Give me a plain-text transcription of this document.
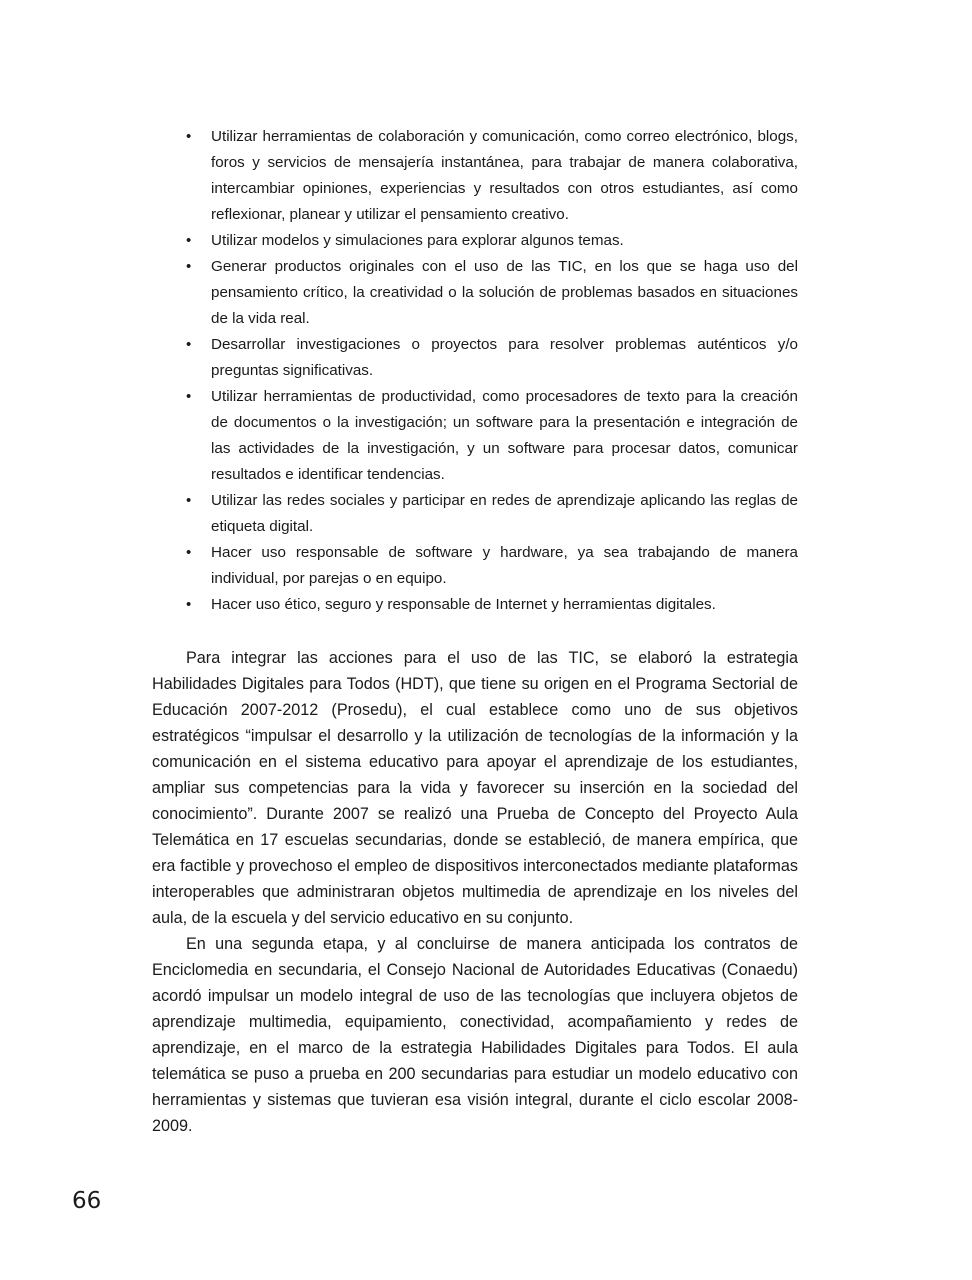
• Utilizar herramientas de colaboración y comunicación, como correo electrónico, blogs, foros y servicios de mensajería instantánea, para trabajar de manera colaborativa, intercambiar opiniones, experiencias y resultados con otros estudiantes, así como reflexionar, planear y utilizar el pensamiento creativo.
• Utilizar modelos y simulaciones para explorar algunos temas.
• Generar productos originales con el uso de las TIC, en los que se haga uso del pensamiento crítico, la creatividad o la solución de problemas basados en situaciones de la vida real.
• Desarrollar investigaciones o proyectos para resolver problemas auténticos y/o preguntas significativas.
• Utilizar herramientas de productividad, como procesadores de texto para la creación de documentos o la investigación; un software para la presentación e integración de las actividades de la investigación, y un software para procesar datos, comunicar resultados e identificar tendencias.
• Utilizar las redes sociales y participar en redes de aprendizaje aplicando las reglas de etiqueta digital.
• Hacer uso responsable de software y hardware, ya sea trabajando de manera individual, por parejas o en equipo.
• Hacer uso ético, seguro y responsable de Internet y herramientas digitales.

Para integrar las acciones para el uso de las TIC, se elaboró la estrategia Habilidades Digitales para Todos (HDT), que tiene su origen en el Programa Sectorial de Educación 2007-2012 (Prosedu), el cual establece como uno de sus objetivos estratégicos “impulsar el desarrollo y la utilización de tecnologías de la información y la comunicación en el sistema educativo para apoyar el aprendizaje de los estudiantes, ampliar sus competencias para la vida y favorecer su inserción en la sociedad del conocimiento”. Durante 2007 se realizó una Prueba de Concepto del Proyecto Aula Telemática en 17 escuelas secundarias, donde se estableció, de manera empírica, que era factible y provechoso el empleo de dispositivos interconectados mediante plataformas interoperables que administraran objetos multimedia de aprendizaje en los niveles del aula, de la escuela y del servicio educativo en su conjunto.

En una segunda etapa, y al concluirse de manera anticipada los contratos de Enciclomedia en secundaria, el Consejo Nacional de Autoridades Educativas (Conaedu) acordó impulsar un modelo integral de uso de las tecnologías que incluyera objetos de aprendizaje multimedia, equipamiento, conectividad, acompañamiento y redes de aprendizaje, en el marco de la estrategia Habilidades Digitales para Todos. El aula telemática se puso a prueba en 200 secundarias para estudiar un modelo educativo con herramientas y sistemas que tuvieran esa visión integral, durante el ciclo escolar 2008-2009.

66
